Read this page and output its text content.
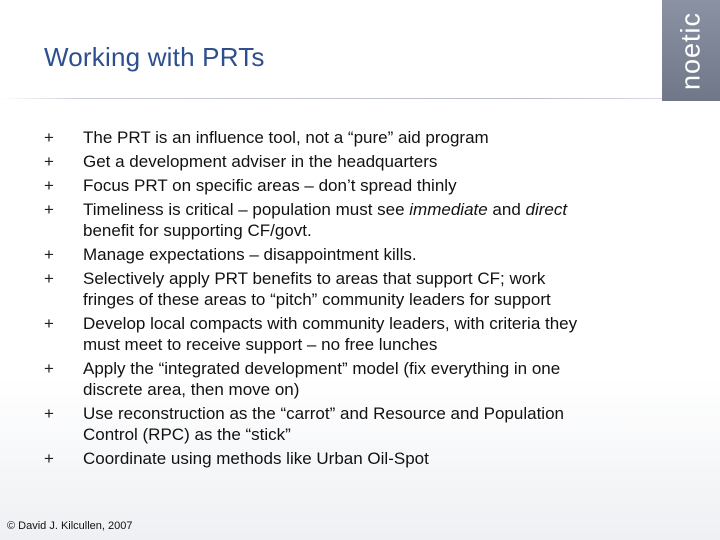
Working with PRTs	noetic
+	The PRT is an influence tool, not a “pure” aid program
+	Get a development adviser in the headquarters
+	Focus PRT on specific areas – don’t spread thinly
+	Timeliness is critical – population must see immediate and direct
benefit for supporting CF/govt.
+	Manage expectations – disappointment kills.
+	Selectively apply PRT benefits to areas that support CF; work
fringes of these areas to “pitch” community leaders for support
+	Develop local compacts with community leaders, with criteria they
must meet to receive support – no free lunches
+	Apply the “integrated development” model (fix everything in one
discrete area, then move on)
+	Use reconstruction as the “carrot” and Resource and Population
Control (RPC) as the “stick”
+	Coordinate using methods like Urban Oil-Spot
© David J. Kilcullen, 2007
